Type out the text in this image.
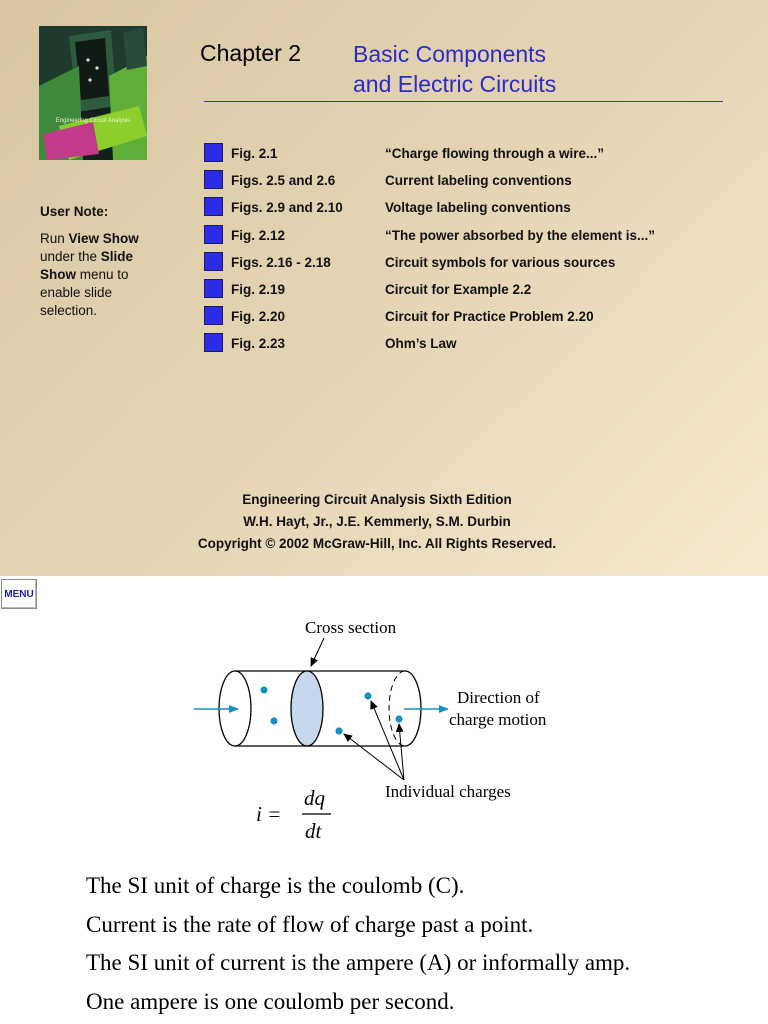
Engineering Circuit Analysis
Chapter 2 Basic Components
and Electric Circuits
User Note:
Run View Show
under the Slide Show menu to enable slide selection.
Fig. 2.1	“Charge flowing through a wire...”
Figs. 2.5 and 2.6	Current labeling conventions
Figs. 2.9 and 2.10	Voltage labeling conventions
Fig. 2.12	“The power absorbed by the element is...”
Figs. 2.16 - 2.18	Circuit symbols for various sources
Fig. 2.19	Circuit for Example 2.2
Fig. 2.20	Circuit for Practice Problem 2.20
Fig. 2.23	Ohm’s Law
Engineering Circuit Analysis Sixth Edition
W.H. Hayt, Jr., J.E. Kemmerly, S.M. Durbin
Copyright © 2002 McGraw-Hill, Inc. All Rights Reserved.
MENU
Cross section
Direction of
charge motion
Individual charges
i =
dq
dt
The SI unit of charge is the coulomb (C).
Current is the rate of flow of charge past a point.
The SI unit of current is the ampere (A) or informally amp.
One ampere is one coulomb per second.
